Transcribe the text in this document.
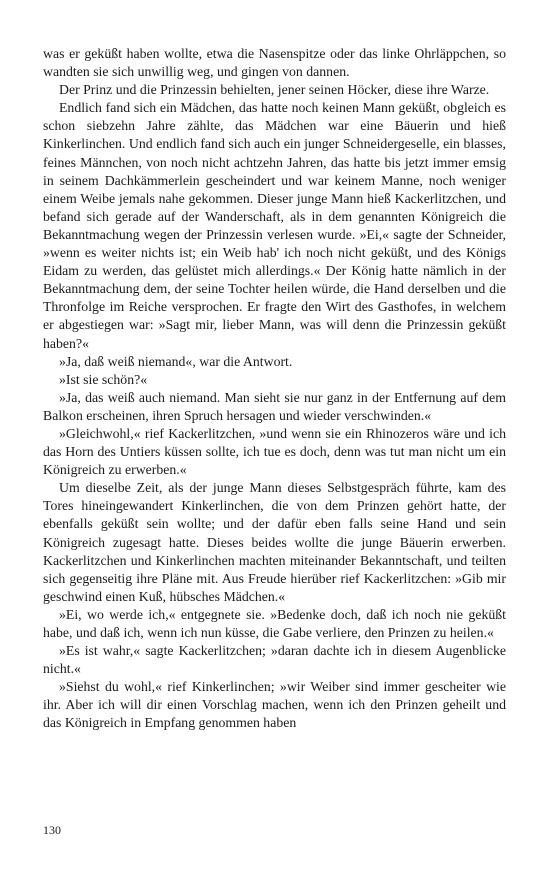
was er geküßt haben wollte, etwa die Nasenspitze oder das linke Ohrläppchen, so wandten sie sich unwillig weg, und gingen von dannen.

Der Prinz und die Prinzessin behielten, jener seinen Höcker, diese ihre Warze.

Endlich fand sich ein Mädchen, das hatte noch keinen Mann geküßt, obgleich es schon siebzehn Jahre zählte, das Mädchen war eine Bäuerin und hieß Kinkerlinchen. Und endlich fand sich auch ein junger Schneidergeselle, ein blasses, feines Männchen, von noch nicht achtzehn Jahren, das hatte bis jetzt immer emsig in seinem Dachkämmerlein gescheindert und war keinem Manne, noch weniger einem Weibe jemals nahe gekommen. Dieser junge Mann hieß Kackerlitzchen, und befand sich gerade auf der Wanderschaft, als in dem genannten Königreich die Bekanntmachung wegen der Prinzessin verlesen wurde. »Ei,« sagte der Schneider, »wenn es weiter nichts ist; ein Weib hab' ich noch nicht geküßt, und des Königs Eidam zu werden, das gelüstet mich allerdings.« Der König hatte nämlich in der Bekanntmachung dem, der seine Tochter heilen würde, die Hand derselben und die Thronfolge im Reiche versprochen. Er fragte den Wirt des Gasthofes, in welchem er abgestiegen war: »Sagt mir, lieber Mann, was will denn die Prinzessin geküßt haben?«

»Ja, daß weiß niemand«, war die Antwort.

»Ist sie schön?«

»Ja, das weiß auch niemand. Man sieht sie nur ganz in der Entfernung auf dem Balkon erscheinen, ihren Spruch hersagen und wieder verschwinden.«

»Gleichwohl,« rief Kackerlitzchen, »und wenn sie ein Rhinozeros wäre und ich das Horn des Untiers küssen sollte, ich tue es doch, denn was tut man nicht um ein Königreich zu erwerben.«

Um dieselbe Zeit, als der junge Mann dieses Selbstgespräch führte, kam des Tores hineingewandert Kinkerlinchen, die von dem Prinzen gehört hatte, der ebenfalls geküßt sein wollte; und der dafür eben falls seine Hand und sein Königreich zugesagt hatte. Dieses beides wollte die junge Bäuerin erwerben. Kackerlitzchen und Kinkerlinchen machten miteinander Bekanntschaft, und teilten sich gegenseitig ihre Pläne mit. Aus Freude hierüber rief Kackerlitzchen: »Gib mir geschwind einen Kuß, hübsches Mädchen.«

»Ei, wo werde ich,« entgegnete sie. »Bedenke doch, daß ich noch nie geküßt habe, und daß ich, wenn ich nun küsse, die Gabe verliere, den Prinzen zu heilen.«

»Es ist wahr,« sagte Kackerlitzchen; »daran dachte ich in diesem Augenblicke nicht.«

»Siehst du wohl,« rief Kinkerlinchen; »wir Weiber sind immer gescheiter wie ihr. Aber ich will dir einen Vorschlag machen, wenn ich den Prinzen geheilt und das Königreich in Empfang genommen haben

130
